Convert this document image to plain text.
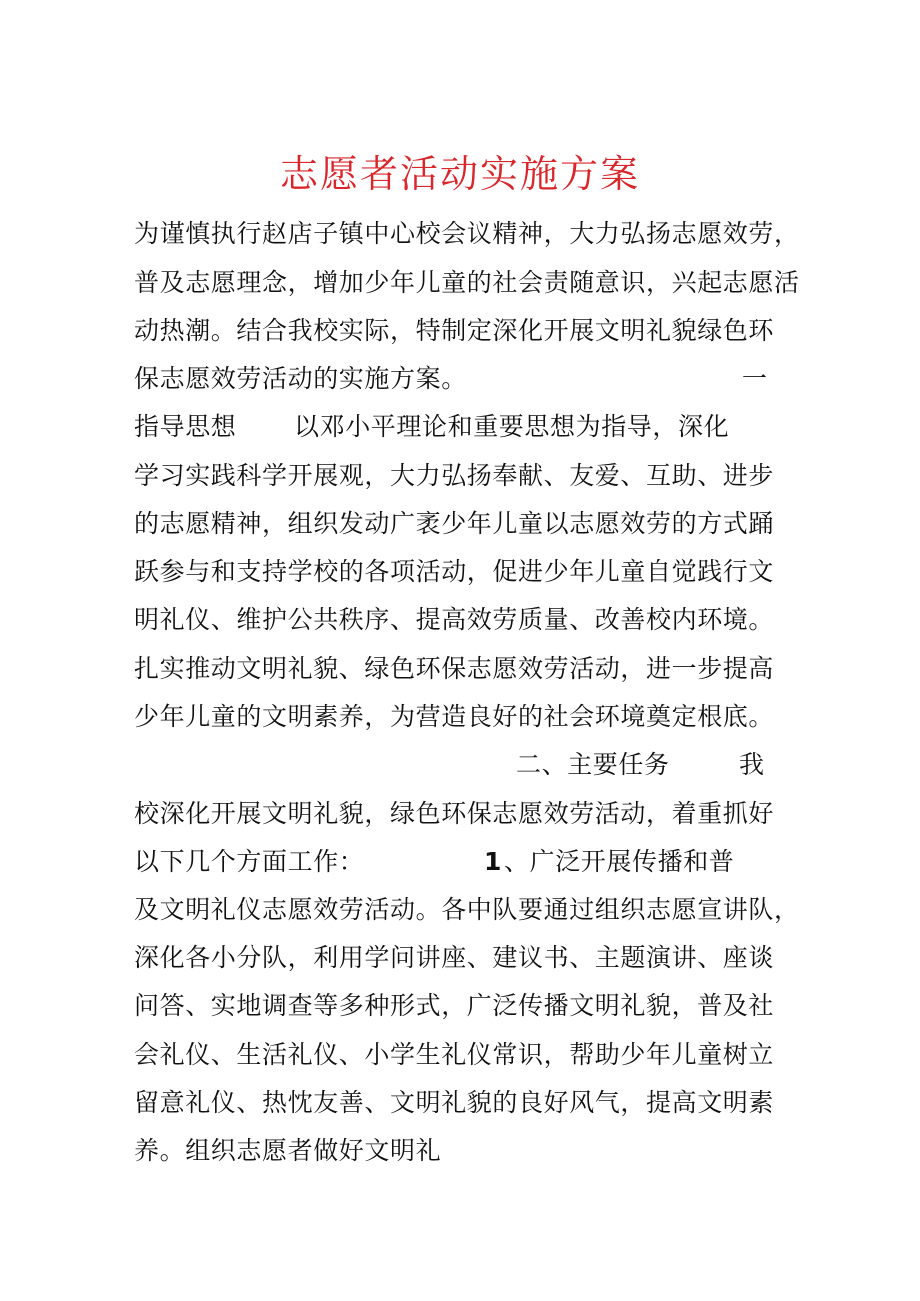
志愿者活动实施方案
为谨慎执行赵店子镇中心校会议精神，大力弘扬志愿效劳，
普及志愿理念，增加少年儿童的社会责随意识，兴起志愿活
动热潮。结合我校实际，特制定深化开展文明礼貌绿色环
保志愿效劳活动的实施方案。	一
指导思想 以邓小平理论和重要思想为指导，深化
学习实践科学开展观，大力弘扬奉献、友爱、互助、进步
的志愿精神，组织发动广袤少年儿童以志愿效劳的方式踊
跃参与和支持学校的各项活动，促进少年儿童自觉践行文
明礼仪、维护公共秩序、提高效劳质量、改善校内环境。
扎实推动文明礼貌、绿色环保志愿效劳活动，进一步提高
少年儿童的文明素养，为营造良好的社会环境奠定根底。
二、主要任务	我
校深化开展文明礼貌，绿色环保志愿效劳活动，着重抓好
以下几个方面工作：	1 、广泛开展传播和普
及文明礼仪志愿效劳活动。各中队要通过组织志愿宣讲队，
深化各小分队，利用学问讲座、建议书、主题演讲、座谈
问答、实地调查等多种形式，广泛传播文明礼貌，普及社
会礼仪、生活礼仪、小学生礼仪常识，帮助少年儿童树立
留意礼仪、热忱友善、文明礼貌的良好风气，提高文明素
养。组织志愿者做好文明礼
